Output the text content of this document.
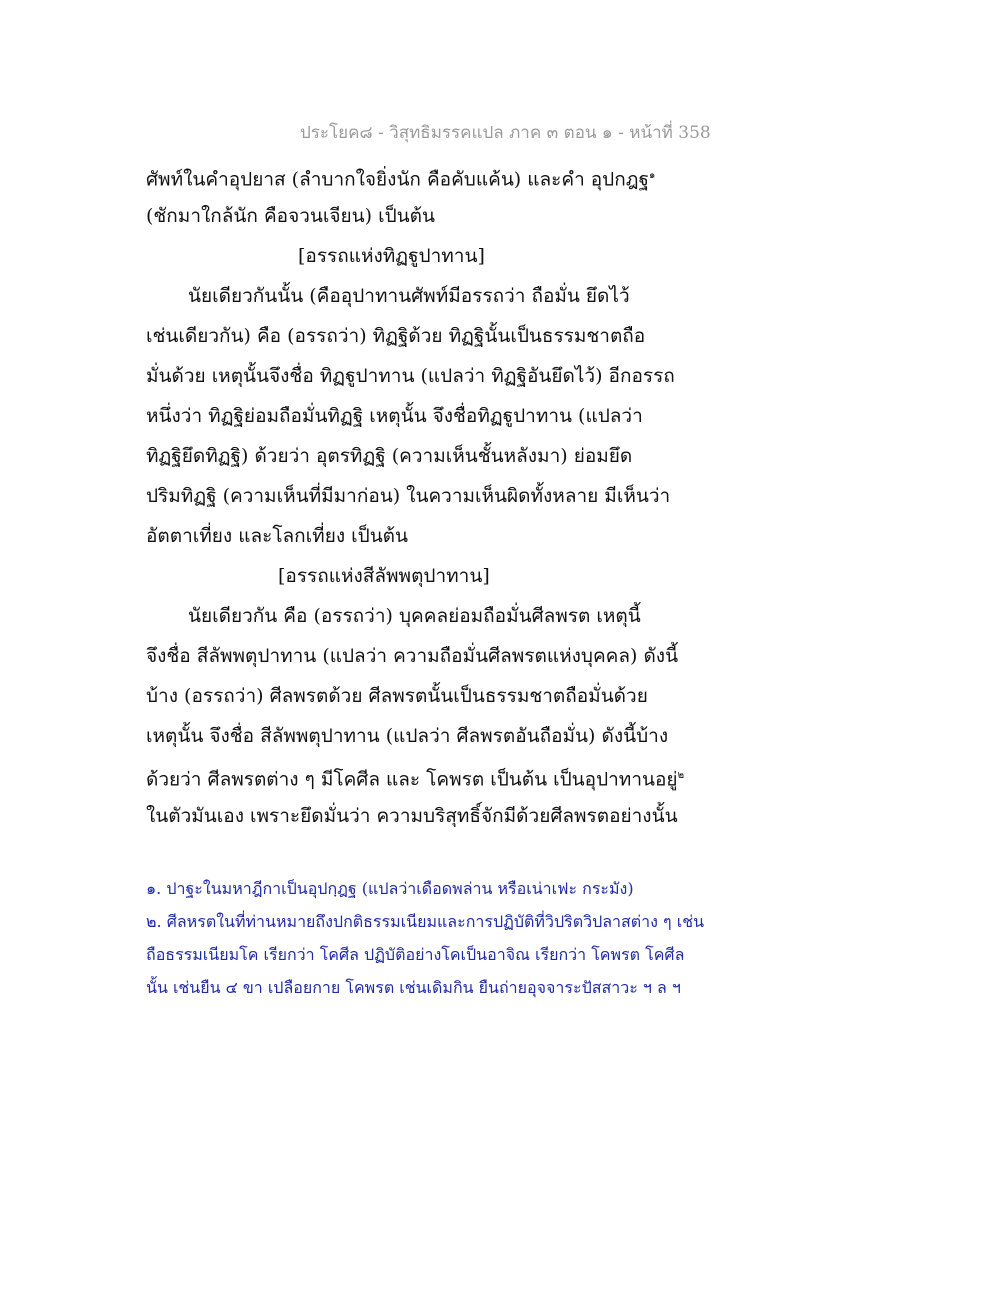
ประโยค๘ - วิสุทธิมรรคแปล ภาค ๓ ตอน ๑ - หน้าที่ 358
ศัพท์ในคำอุปยาส (ลำบากใจยิ่งนัก คือคับแค้น) และคำ อุปกฎฐ$^๑$
(ชักมาใกล้นัก คือจวนเจียน) เป็นต้น
[อรรถแห่งทิฏฐูปาทาน]
นัยเดียวกันนั้น (คืออุปาทานศัพท์มีอรรถว่า ถือมั่น ยึดไว้
เช่นเดียวกัน) คือ (อรรถว่า) ทิฏฐิด้วย ทิฏฐินั้นเป็นธรรมชาตถือ
มั่นด้วย เหตุนั้นจึงชื่อ ทิฏฐูปาทาน (แปลว่า ทิฏฐิอันยึดไว้) อีกอรรถ
หนึ่งว่า ทิฏฐิย่อมถือมั่นทิฏฐิ เหตุนั้น จึงชื่อทิฏฐูปาทาน (แปลว่า
ทิฏฐิยึดทิฏฐิ) ด้วยว่า อุตรทิฏฐิ (ความเห็นชั้นหลังมา) ย่อมยึด
ปริมทิฏฐิ (ความเห็นที่มีมาก่อน) ในความเห็นผิดทั้งหลาย มีเห็นว่า
อัตตาเที่ยง และโลกเที่ยง เป็นต้น
[อรรถแห่งสีลัพพตุปาทาน]
นัยเดียวกัน คือ (อรรถว่า) บุคคลย่อมถือมั่นศีลพรต เหตุนี้
จึงชื่อ สีลัพพตุปาทาน (แปลว่า ความถือมั่นศีลพรตแห่งบุคคล) ดังนี้
บ้าง (อรรถว่า) ศีลพรตด้วย ศีลพรตนั้นเป็นธรรมชาตถือมั่นด้วย
เหตุนั้น จึงชื่อ สีลัพพตุปาทาน (แปลว่า ศีลพรตอันถือมั่น) ดังนี้บ้าง
ด้วยว่า ศีลพรตต่าง ๆ มีโคศีล และ โคพรต เป็นต้น เป็นอุปาทานอยู่$^๒$
ในตัวมันเอง เพราะยึดมั่นว่า ความบริสุทธิ์จักมีด้วยศีลพรตอย่างนั้น
๑. ปาฐะในมหาฎีกาเป็นอุปกฺฎฐ (แปลว่าเดือดพล่าน หรือเน่าเฟะ กระมัง)
๒. ศีลหรตในที่ท่านหมายถึงปกติธรรมเนียมและการปฏิบัติที่วิปริตวิปลาสต่าง ๆ เช่น
ถือธรรมเนียมโค เรียกว่า โคศีล ปฏิบัติอย่างโคเป็นอาจิณ เรียกว่า โคพรต โคศีล
นั้น เช่นยืน ๔ ขา เปลือยกาย โคพรต เช่นเดิมกิน ยืนถ่ายอุจจาระปัสสาวะ ฯ ล ฯ
